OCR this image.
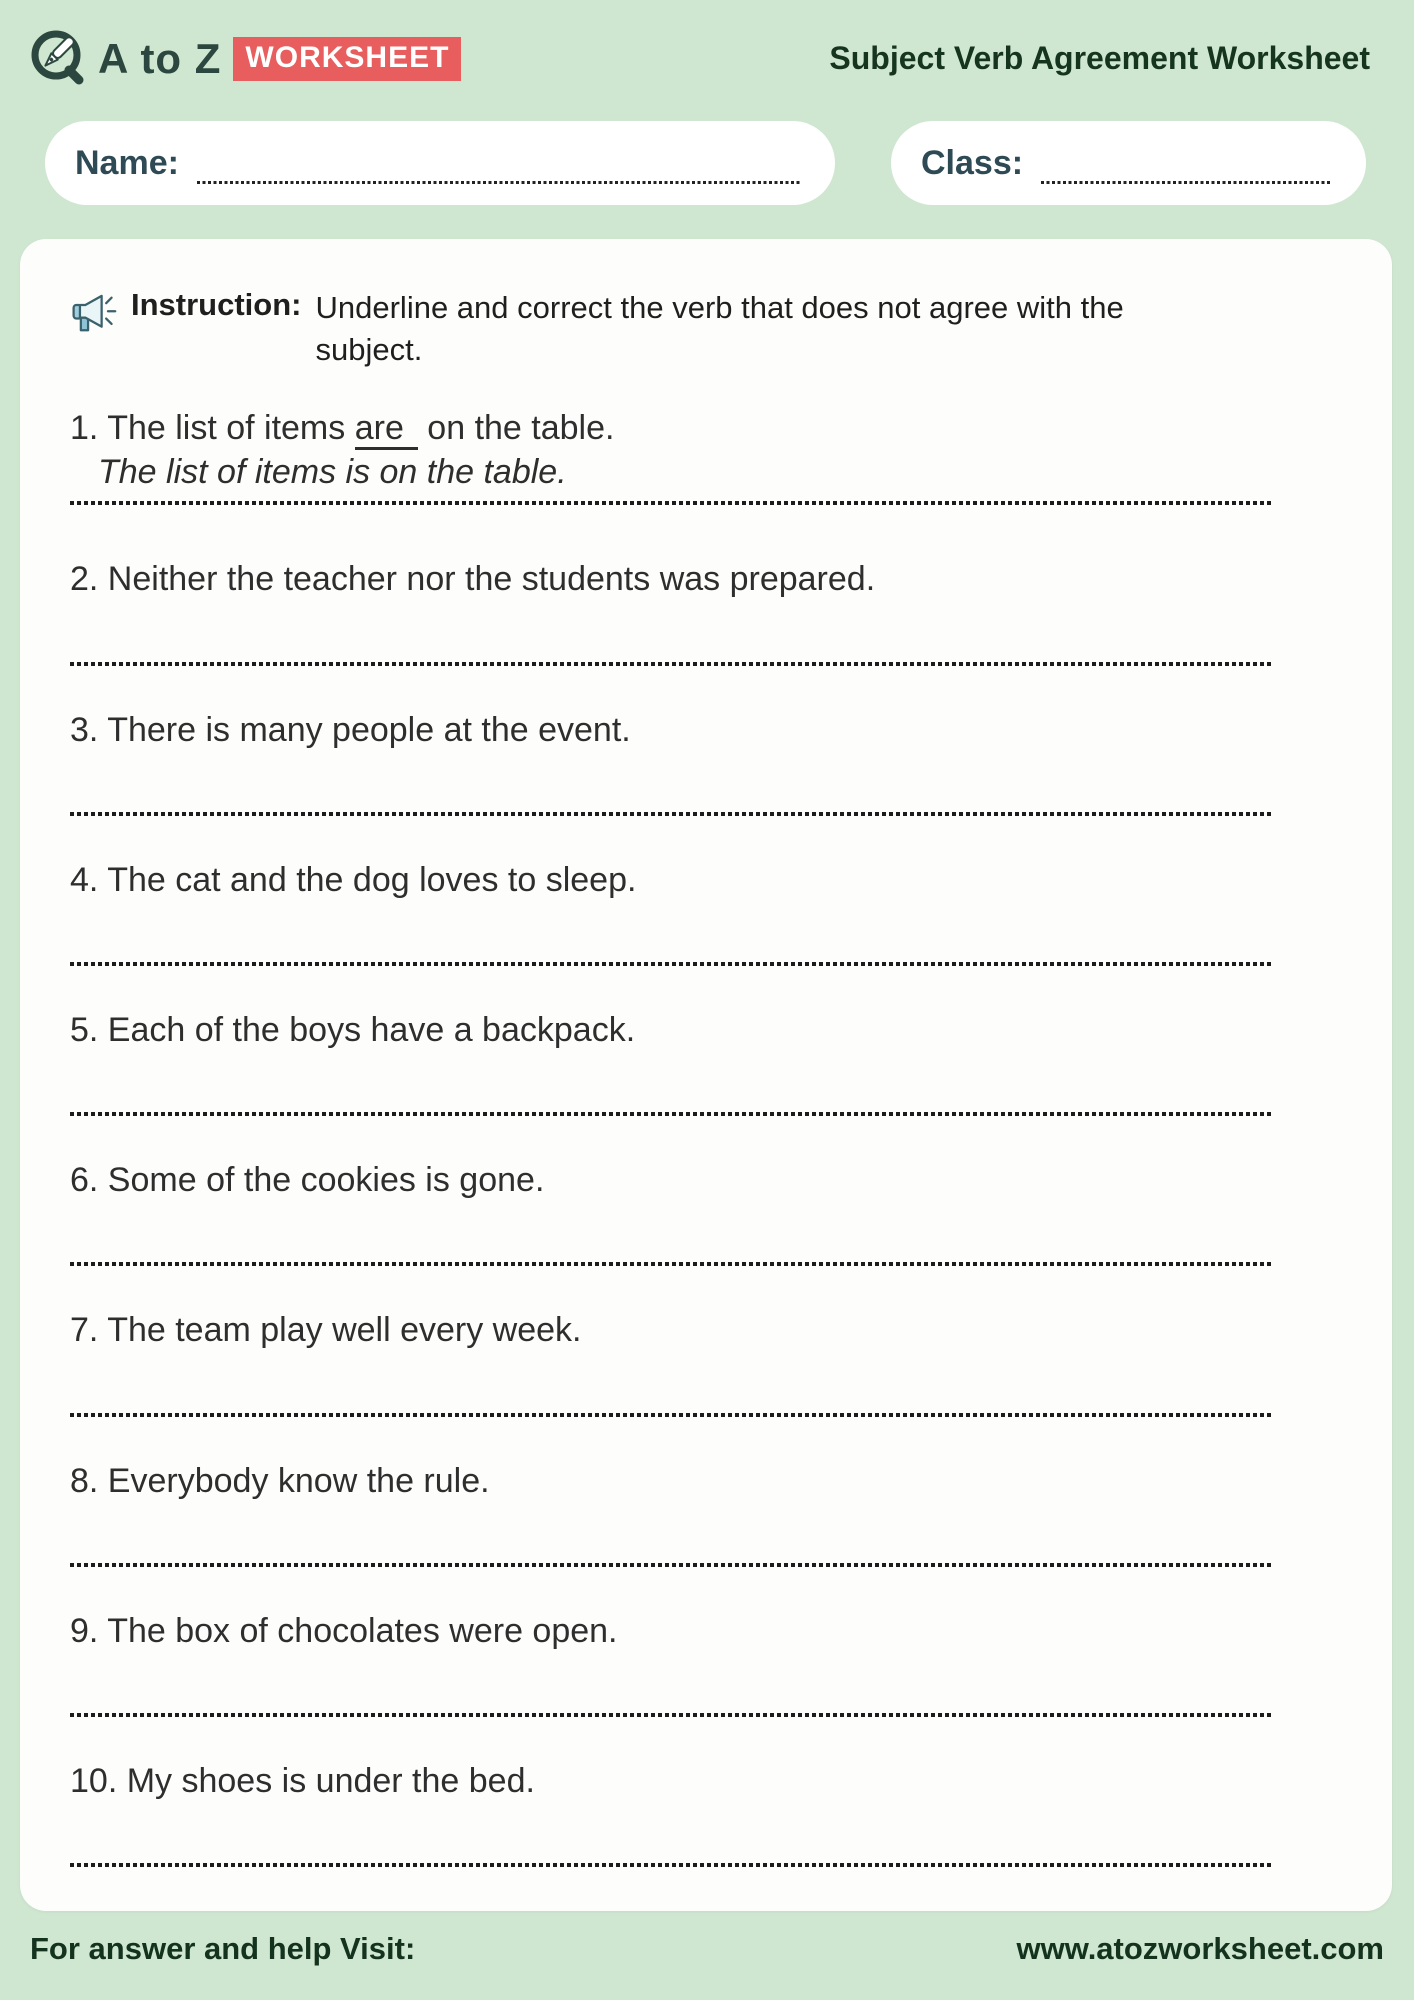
A to Z WORKSHEET	Subject Verb Agreement Worksheet
Name:	Class:
Instruction: Underline and correct the verb that does not agree with the subject.
1. The list of items are on the table.
The list of items is on the table.
2. Neither the teacher nor the students was prepared.
3. There is many people at the event.
4. The cat and the dog loves to sleep.
5. Each of the boys have a backpack.
6. Some of the cookies is gone.
7. The team play well every week.
8. Everybody know the rule.
9. The box of chocolates were open.
10. My shoes is under the bed.
For answer and help Visit:	www.atozworksheet.com
